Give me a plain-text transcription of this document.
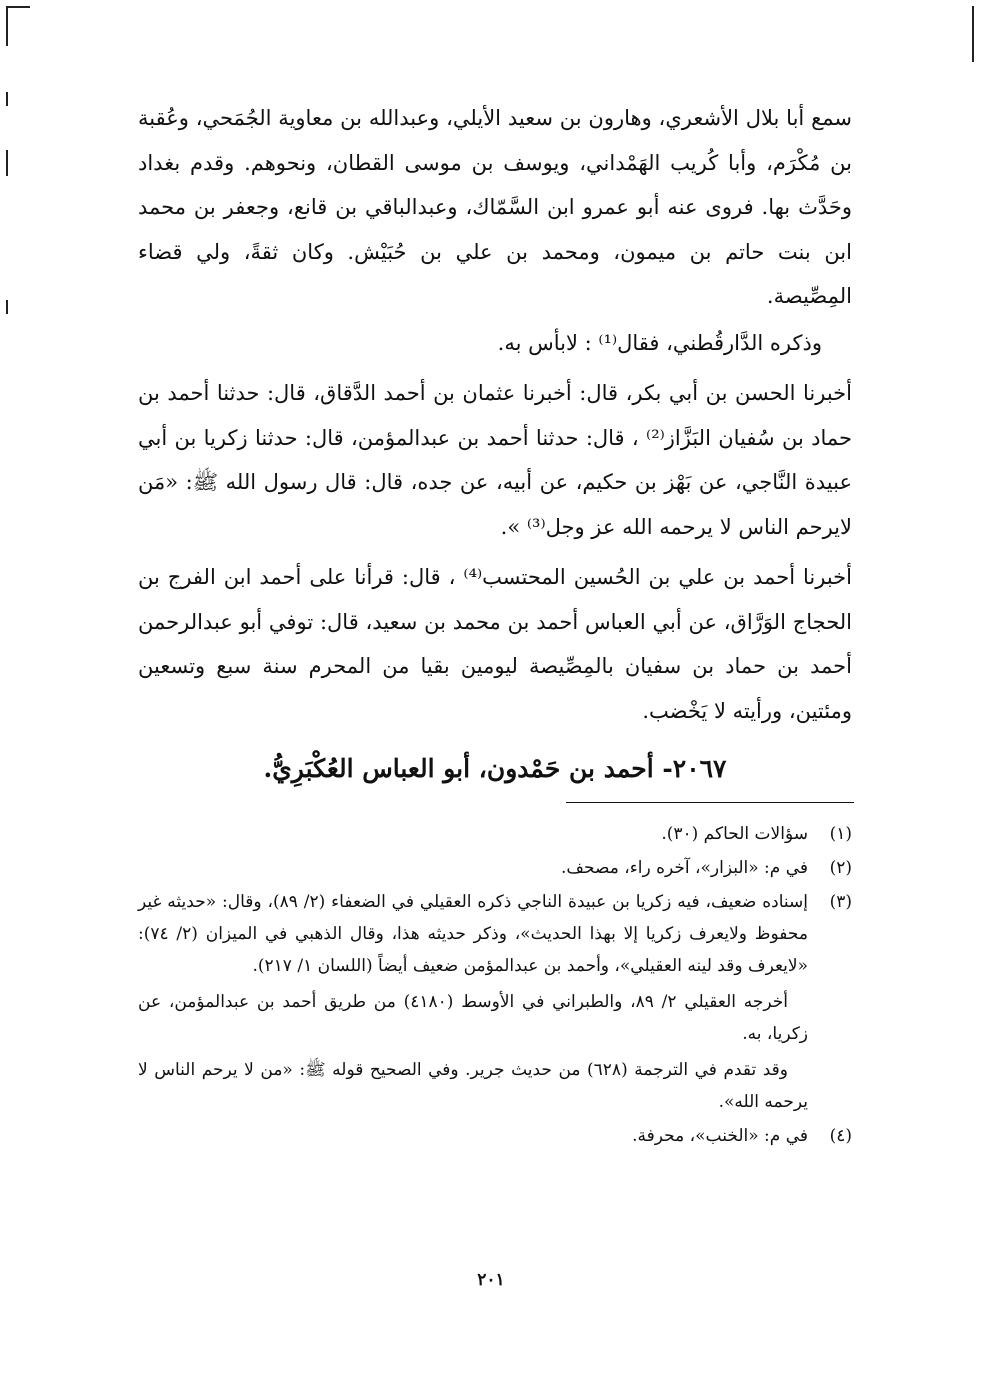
سمع أبا بلال الأشعري، وهارون بن سعيد الأيلي، وعبدالله بن معاوية الجُمَحي، وعُقبة بن مُكْرَم، وأبا كُريب الهَمْداني، ويوسف بن موسى القطان، ونحوهم. وقدم بغداد وحَدَّث بها. فروى عنه أبو عمرو ابن السَّمّاك، وعبدالباقي بن قانع، وجعفر بن محمد ابن بنت حاتم بن ميمون، ومحمد بن علي بن حُبَيْش. وكان ثقةً، ولي قضاء المِصِّيصة.

وذكره الدَّارقُطني، فقال⁽¹⁾ : لابأس به.

أخبرنا الحسن بن أبي بكر، قال: أخبرنا عثمان بن أحمد الدَّقاق، قال: حدثنا أحمد بن حماد بن سُفيان البَزَّاز⁽²⁾ ، قال: حدثنا أحمد بن عبدالمؤمن، قال: حدثنا زكريا بن أبي عبيدة النَّاجي، عن بَهْز بن حكيم، عن أبيه، عن جده، قال: قال رسول الله ﷺ: «مَن لايرحم الناس لا يرحمه الله عز وجل⁽³⁾ ».

أخبرنا أحمد بن علي بن الحُسين المحتسب⁽⁴⁾ ، قال: قرأنا على أحمد ابن الفرج بن الحجاج الوَرَّاق، عن أبي العباس أحمد بن محمد بن سعيد، قال: توفي أبو عبدالرحمن أحمد بن حماد بن سفيان بالمِصِّيصة ليومين بقيا من المحرم سنة سبع وتسعين ومئتين، ورأيته لا يَخْضب.

٢٠٦٧- أحمد بن حَمْدون، أبو العباس العُكْبَرِيُّ.
(١)
سؤالات الحاكم (٣٠).
(٢)
في م: «البزار»، آخره راء، مصحف.
(٣)
إسناده ضعيف، فيه زكريا بن عبيدة الناجي ذكره العقيلي في الضعفاء (٢/ ٨٩)، وقال: «حديثه غير محفوظ ولايعرف زكريا إلا بهذا الحديث»، وذكر حديثه هذا، وقال الذهبي في الميزان (٢/ ٧٤): «لايعرف وقد لينه العقيلي»، وأحمد بن عبدالمؤمن ضعيف أيضاً (اللسان ١/ ٢١٧).

أخرجه العقيلي ٢/ ٨٩، والطبراني في الأوسط (٤١٨٠) من طريق أحمد بن عبدالمؤمن، عن زكريا، به.

وقد تقدم في الترجمة (٦٢٨) من حديث جرير. وفي الصحيح قوله ﷺ: «من لا يرحم الناس لا يرحمه الله».

(٤)
في م: «الخنب»، محرفة.
٢٠١
